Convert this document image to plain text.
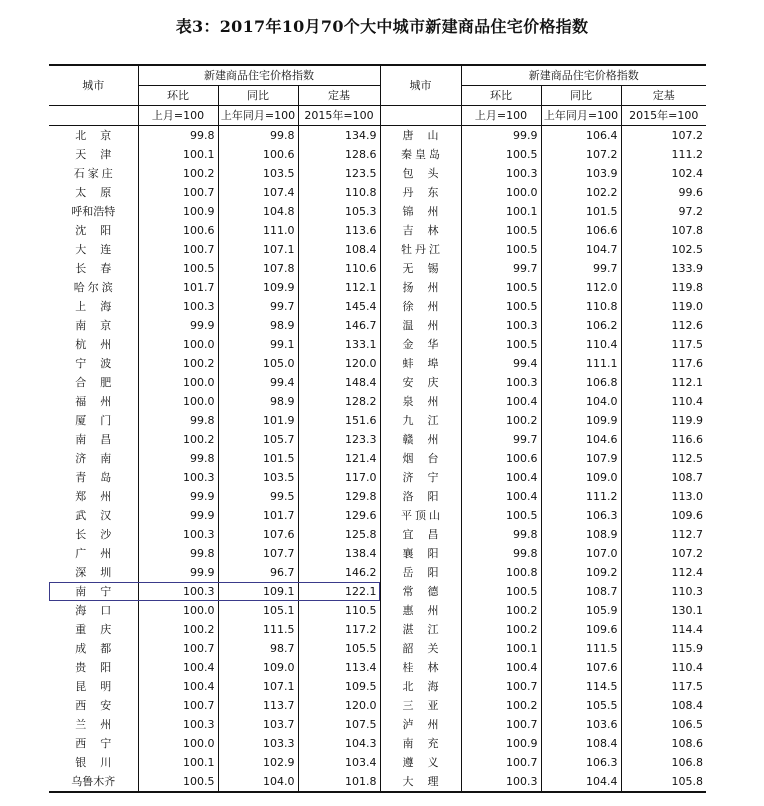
表3：2017年10月70个大中城市新建商品住宅价格指数
城市	新建商品住宅价格指数			城市	新建商品住宅价格指数		
	环比	同比	定基		环比	同比	定基
	上月=100	上年同月=100	2015年=100		上月=100	上年同月=100	2015年=100
北京	99.8	99.8	134.9	唐山	99.9	106.4	107.2
天津	100.1	100.6	128.6	秦皇岛	100.5	107.2	111.2
石家庄	100.2	103.5	123.5	包头	100.3	103.9	102.4
太原	100.7	107.4	110.8	丹东	100.0	102.2	99.6
呼和浩特	100.9	104.8	105.3	锦州	100.1	101.5	97.2
沈阳	100.6	111.0	113.6	吉林	100.5	106.6	107.8
大连	100.7	107.1	108.4	牡丹江	100.5	104.7	102.5
长春	100.5	107.8	110.6	无锡	99.7	99.7	133.9
哈尔滨	101.7	109.9	112.1	扬州	100.5	112.0	119.8
上海	100.3	99.7	145.4	徐州	100.5	110.8	119.0
南京	99.9	98.9	146.7	温州	100.3	106.2	112.6
杭州	100.0	99.1	133.1	金华	100.5	110.4	117.5
宁波	100.2	105.0	120.0	蚌埠	99.4	111.1	117.6
合肥	100.0	99.4	148.4	安庆	100.3	106.8	112.1
福州	100.0	98.9	128.2	泉州	100.4	104.0	110.4
厦门	99.8	101.9	151.6	九江	100.2	109.9	119.9
南昌	100.2	105.7	123.3	赣州	99.7	104.6	116.6
济南	99.8	101.5	121.4	烟台	100.6	107.9	112.5
青岛	100.3	103.5	117.0	济宁	100.4	109.0	108.7
郑州	99.9	99.5	129.8	洛阳	100.4	111.2	113.0
武汉	99.9	101.7	129.6	平顶山	100.5	106.3	109.6
长沙	100.3	107.6	125.8	宜昌	99.8	108.9	112.7
广州	99.8	107.7	138.4	襄阳	99.8	107.0	107.2
深圳	99.9	96.7	146.2	岳阳	100.8	109.2	112.4
南宁	100.3	109.1	122.1	常德	100.5	108.7	110.3
海口	100.0	105.1	110.5	惠州	100.2	105.9	130.1
重庆	100.2	111.5	117.2	湛江	100.2	109.6	114.4
成都	100.7	98.7	105.5	韶关	100.1	111.5	115.9
贵阳	100.4	109.0	113.4	桂林	100.4	107.6	110.4
昆明	100.4	107.1	109.5	北海	100.7	114.5	117.5
西安	100.7	113.7	120.0	三亚	100.2	105.5	108.4
兰州	100.3	103.7	107.5	泸州	100.7	103.6	106.5
西宁	100.0	103.3	104.3	南充	100.9	108.4	108.6
银川	100.1	102.9	103.4	遵义	100.7	106.3	106.8
乌鲁木齐	100.5	104.0	101.8	大理	100.3	104.4	105.8
